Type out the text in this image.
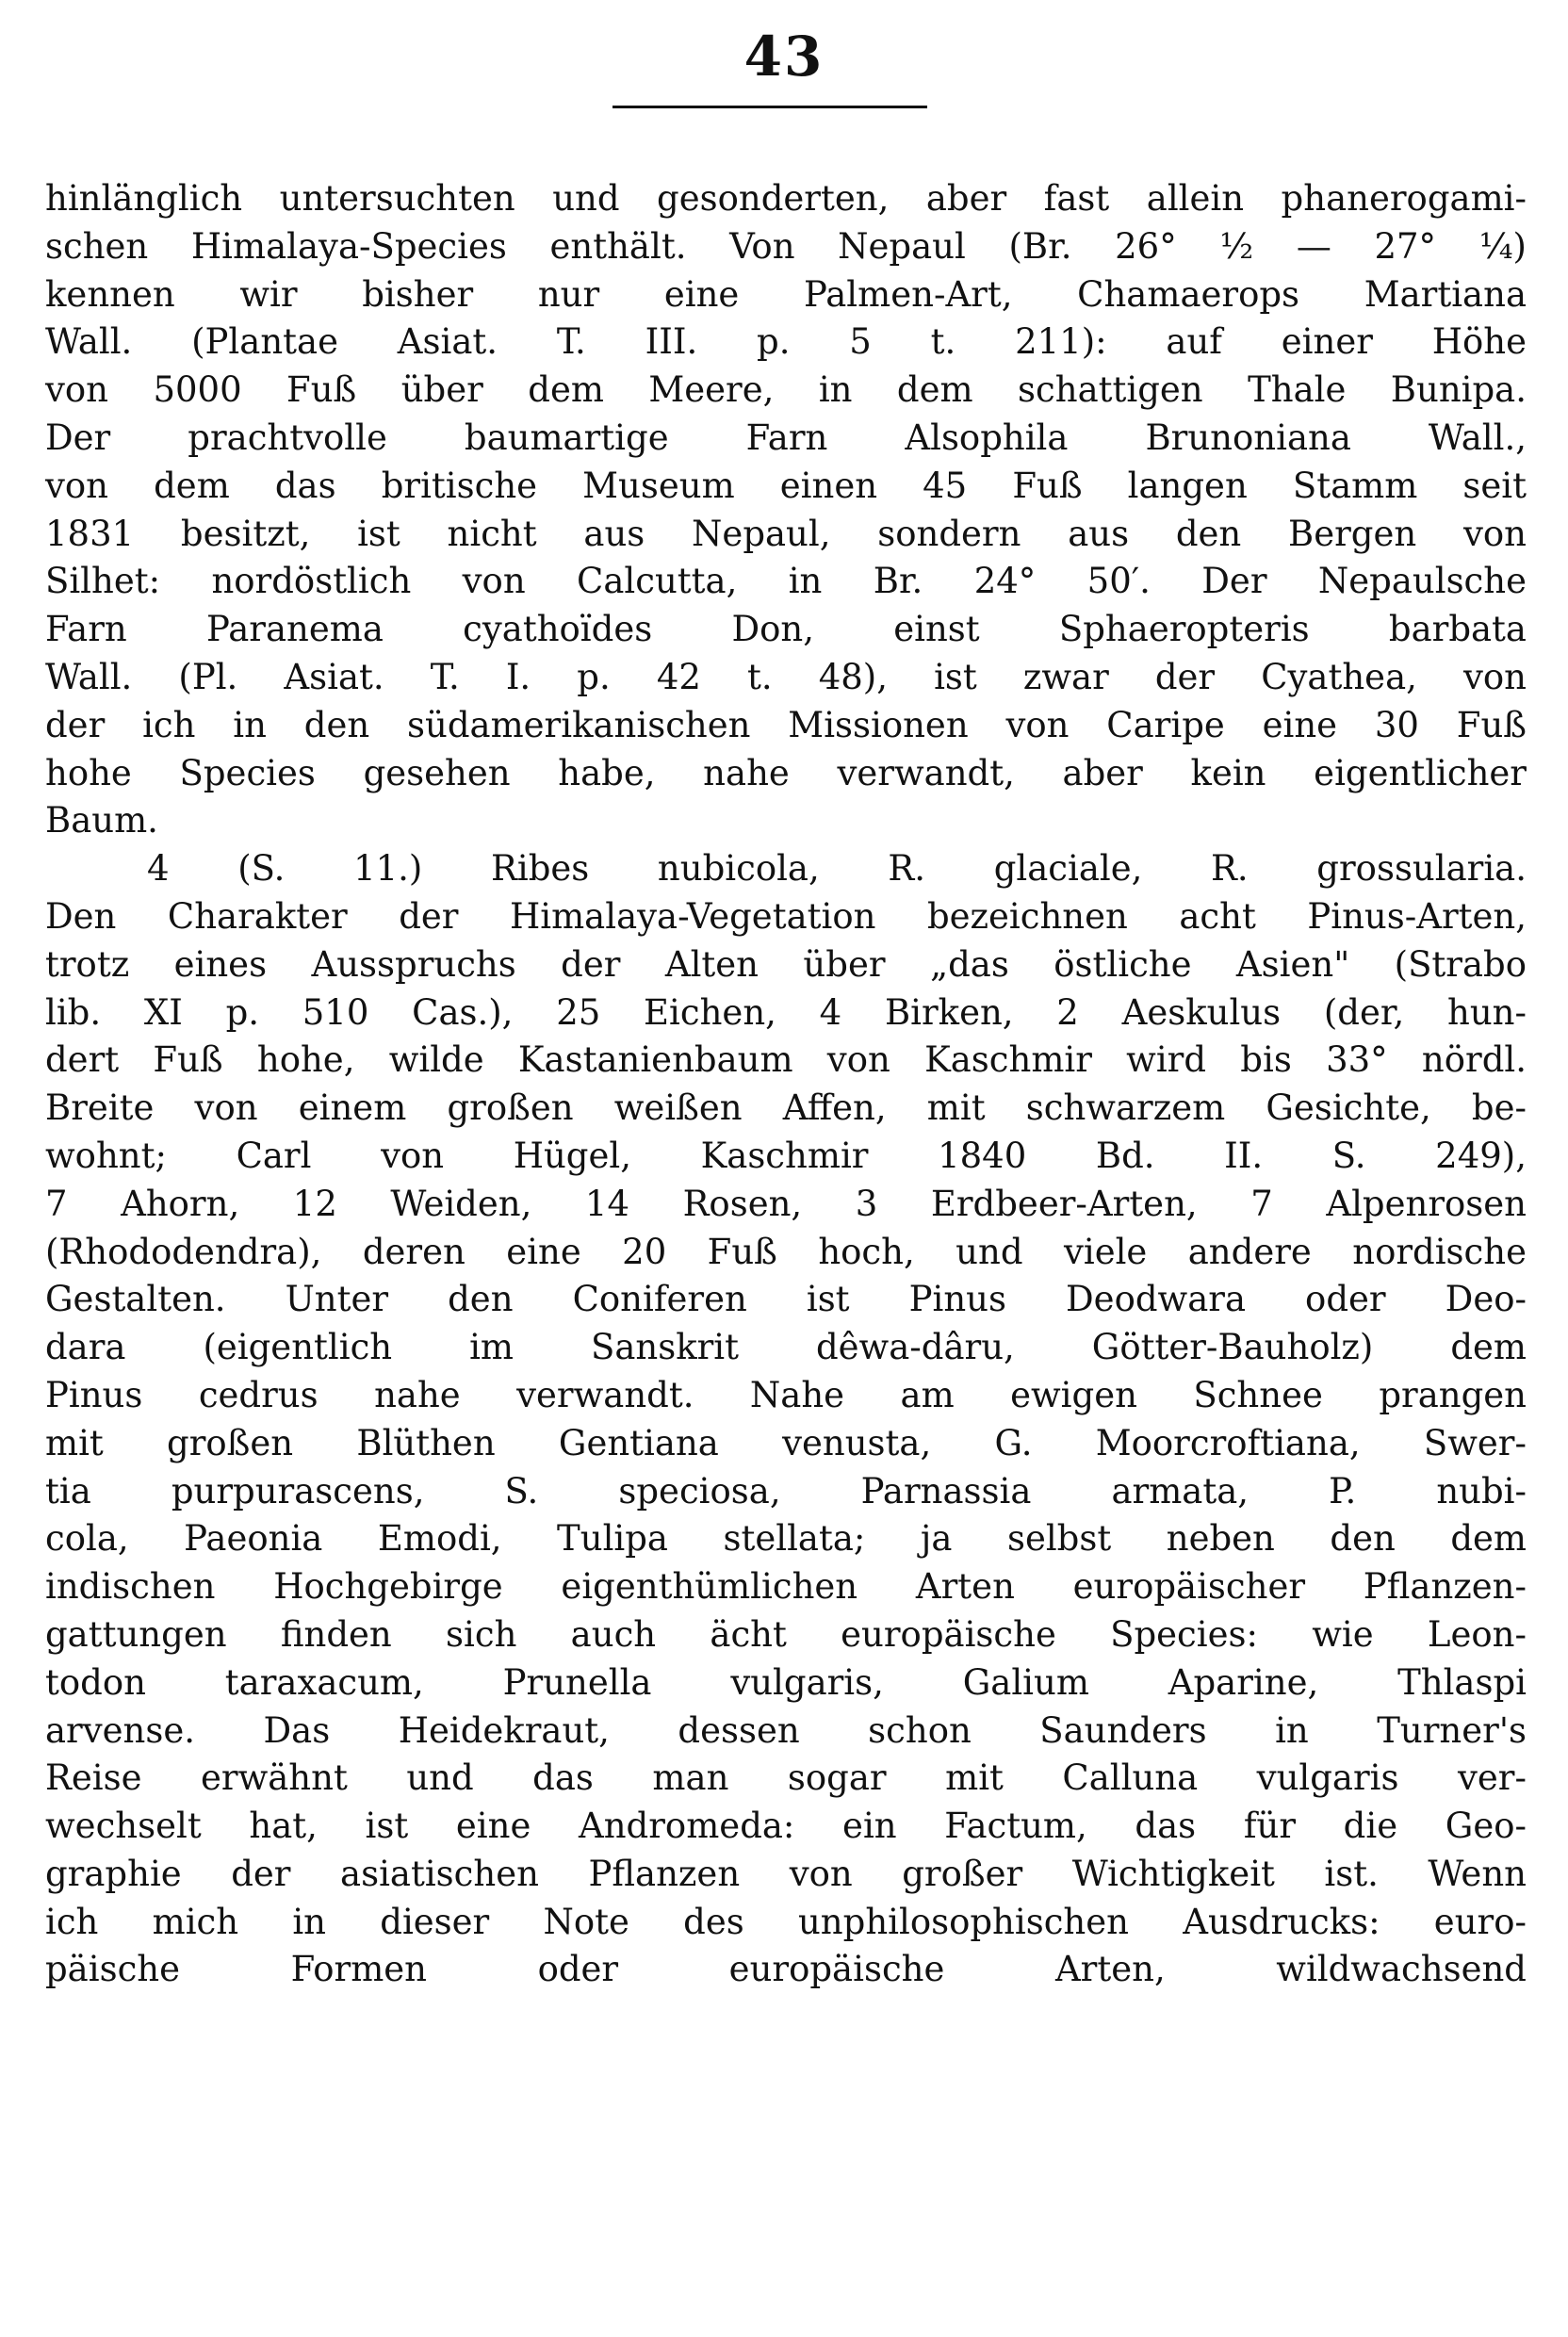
43
hinlänglich untersuchten und gesonderten, aber fast allein phanerogami-
schen Himalaya-Species enthält. Von Nepaul (Br. 26° ½ — 27° ¼)
kennen wir bisher nur eine Palmen-Art, Chamaerops Martiana
Wall. (Plantae Asiat. T. III. p. 5 t. 211): auf einer Höhe
von 5000 Fuß über dem Meere, in dem schattigen Thale Bunipa.
Der prachtvolle baumartige Farn Alsophila Brunoniana Wall.,
von dem das britische Museum einen 45 Fuß langen Stamm seit
1831 besitzt, ist nicht aus Nepaul, sondern aus den Bergen von
Silhet: nordöstlich von Calcutta, in Br. 24° 50′. Der Nepaulsche
Farn Paranema cyathoïdes Don, einst Sphaeropteris barbata
Wall. (Pl. Asiat. T. I. p. 42 t. 48), ist zwar der Cyathea, von
der ich in den südamerikanischen Missionen von Caripe eine 30 Fuß
hohe Species gesehen habe, nahe verwandt, aber kein eigentlicher
Baum.
4 (S. 11.) Ribes nubicola, R. glaciale, R. grossularia.
Den Charakter der Himalaya-Vegetation bezeichnen acht Pinus-Arten,
trotz eines Ausspruchs der Alten über „das östliche Asien" (Strabo
lib. XI p. 510 Cas.), 25 Eichen, 4 Birken, 2 Aeskulus (der, hun-
dert Fuß hohe, wilde Kastanienbaum von Kaschmir wird bis 33° nördl.
Breite von einem großen weißen Affen, mit schwarzem Gesichte, be-
wohnt; Carl von Hügel, Kaschmir 1840 Bd. II. S. 249),
7 Ahorn, 12 Weiden, 14 Rosen, 3 Erdbeer-Arten, 7 Alpenrosen
(Rhododendra), deren eine 20 Fuß hoch, und viele andere nordische
Gestalten. Unter den Coniferen ist Pinus Deodwara oder Deo-
dara (eigentlich im Sanskrit dêwa-dâru, Götter-Bauholz) dem
Pinus cedrus nahe verwandt. Nahe am ewigen Schnee prangen
mit großen Blüthen Gentiana venusta, G. Moorcroftiana, Swer-
tia purpurascens, S. speciosa, Parnassia armata, P. nubi-
cola, Paeonia Emodi, Tulipa stellata; ja selbst neben den dem
indischen Hochgebirge eigenthümlichen Arten europäischer Pflanzen-
gattungen finden sich auch ächt europäische Species: wie Leon-
todon taraxacum, Prunella vulgaris, Galium Aparine, Thlaspi
arvense. Das Heidekraut, dessen schon Saunders in Turner's
Reise erwähnt und das man sogar mit Calluna vulgaris ver-
wechselt hat, ist eine Andromeda: ein Factum, das für die Geo-
graphie der asiatischen Pflanzen von großer Wichtigkeit ist. Wenn
ich mich in dieser Note des unphilosophischen Ausdrucks: euro-
päische Formen oder europäische Arten, wildwachsend
